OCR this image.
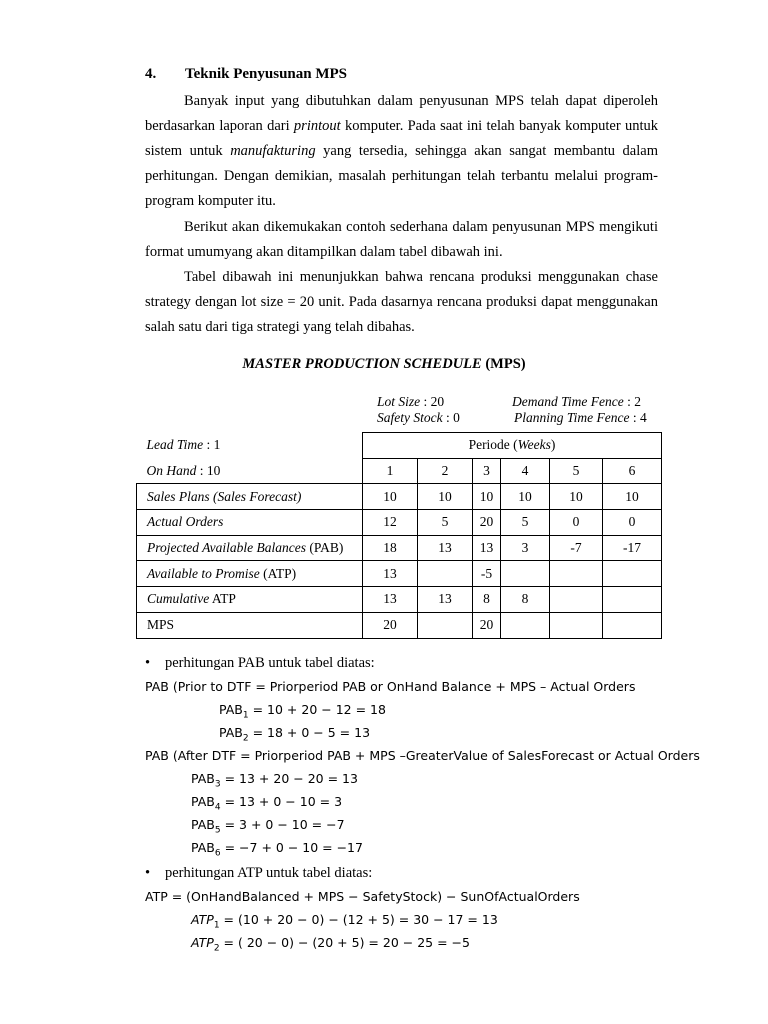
4. Teknik Penyusunan MPS
Banyak input yang dibutuhkan dalam penyusunan MPS telah dapat diperoleh berdasarkan laporan dari printout komputer. Pada saat ini telah banyak komputer untuk sistem untuk manufakturing yang tersedia, sehingga akan sangat membantu dalam perhitungan. Dengan demikian, masalah perhitungan telah terbantu melalui program-program komputer itu.
Berikut akan dikemukakan contoh sederhana dalam penyusunan MPS mengikuti format umumyang akan ditampilkan dalam tabel dibawah ini.
Tabel dibawah ini menunjukkan bahwa rencana produksi menggunakan chase strategy dengan lot size = 20 unit. Pada dasarnya rencana produksi dapat menggunakan salah satu dari tiga strategi yang telah dibahas.
MASTER PRODUCTION SCHEDULE (MPS)
Lot Size : 20
Safety Stock : 0
Demand Time Fence : 2
Planning Time Fence : 4
Lead Time : 1	Periode (Weeks)					
On Hand : 10	1	2	3	4	5	6
Sales Plans (Sales Forecast)	10	10	10	10	10	10
Actual Orders	12	5	20	5	0	0
Projected Available Balances (PAB)	18	13	13	3	-7	-17
Available to Promise (ATP)	13		-5			
Cumulative ATP	13	13	8	8		
MPS	20		20			
• perhitungan PAB untuk tabel diatas:
PAB (Prior to DTF = Priorperiod PAB or OnHand Balance + MPS – Actual Orders
$PAB_1 = 10 + 20 - 12 = 18$
$PAB_2 = 18 + 0 - 5 = 13$
PAB (After DTF = Priorperiod PAB + MPS –GreaterValue of SalesForecast or Actual Orders
$PAB_3 = 13 + 20 - 20 = 13$
$PAB_4 = 13 + 0 - 10 = 3$
$PAB_5 = 3 + 0 - 10 = -7$
$PAB_6 = -7 + 0 - 10 = -17$
• perhitungan ATP untuk tabel diatas:
ATP = (OnHandBalanced + MPS − SafetyStock) − SunOfActualOrders
$ATP_1 = (10 + 20 - 0) - (12 + 5) = 30 - 17 = 13$
$ATP_2$ = ( 20 − 0) − (20 + 5) = 20 − 25 = −5
